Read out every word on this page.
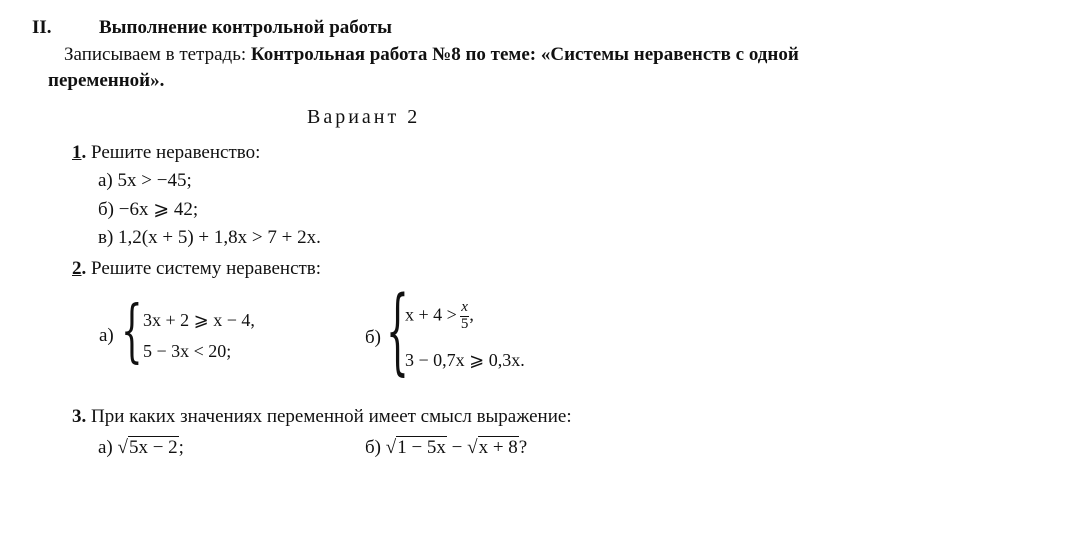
II. Выполнение контрольной работы
Записываем в тетрадь: Контрольная работа №8 по теме: «Системы неравенств с одной
переменной».
Вариант 2
1. Решите неравенство:
а) 5x > −45;
б) −6x ⩾ 42;
в) 1,2(x + 5) + 1,8x > 7 + 2x.
2. Решите систему неравенств:
а) { 3x + 2 ⩾ x − 4,
5 − 3x < 20;
б) {
$x + 4 > \frac{x}{5}$ ,
3 − 0,7x ⩾ 0,3x.
3. При каких значениях переменной имеет смысл выражение:
а) √5x − 2;	б) √1 − 5x − √x + 8?
